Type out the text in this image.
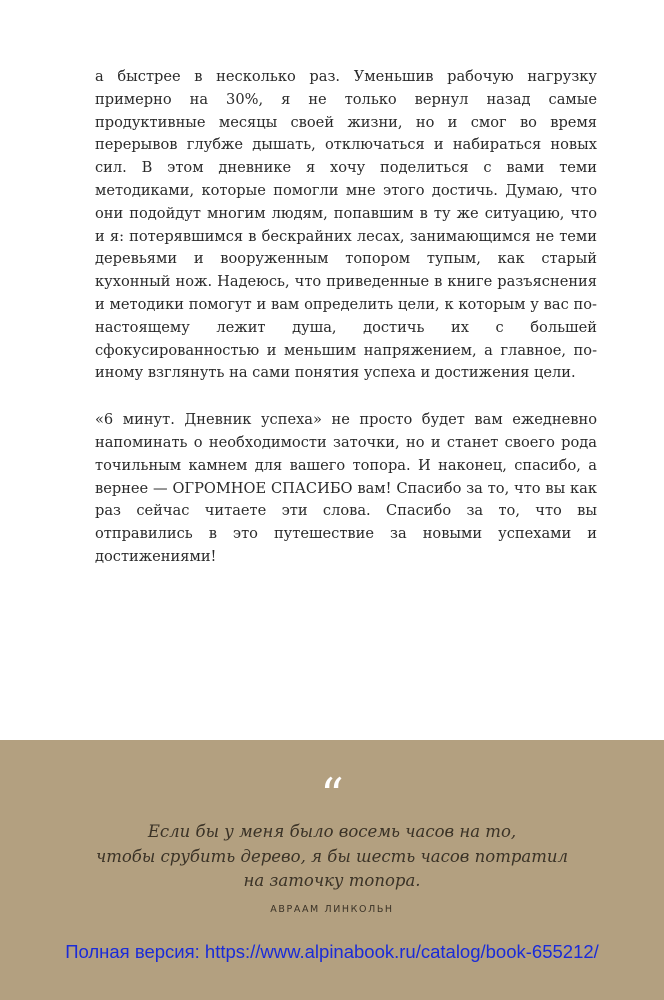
а быстрее в несколько раз. Уменьшив рабочую нагрузку примерно на 30%, я не только вернул назад самые продуктивные месяцы своей жизни, но и смог во время перерывов глубже дышать, отключаться и набираться новых сил. В этом дневнике я хочу поделиться с вами теми методиками, которые помогли мне этого достичь. Думаю, что они подойдут многим людям, попавшим в ту же ситуацию, что и я: потерявшимся в бескрайних лесах, занимающимся не теми деревьями и вооруженным топором тупым, как старый кухонный нож. Надеюсь, что приведенные в книге разъяснения и методики помогут и вам определить цели, к которым у вас по-настоящему лежит душа, достичь их с большей сфокусированностью и меньшим напряжением, а главное, по-иному взглянуть на сами понятия успеха и достижения цели.

«6 минут. Дневник успеха» не просто будет вам ежедневно напоминать о необходимости заточки, но и станет своего рода точильным камнем для вашего топора. И наконец, спасибо, а вернее — ОГРОМНОЕ СПАСИБО вам! Спасибо за то, что вы как раз сейчас читаете эти слова. Спасибо за то, что вы отправились в это путешествие за новыми успехами и достижениями!

“

Если бы у меня было восемь часов на то,
чтобы срубить дерево, я бы шесть часов потратил
на заточку топора.

АВРААМ ЛИНКОЛЬН
Полная версия: https://www.alpinabook.ru/catalog/book-655212/
